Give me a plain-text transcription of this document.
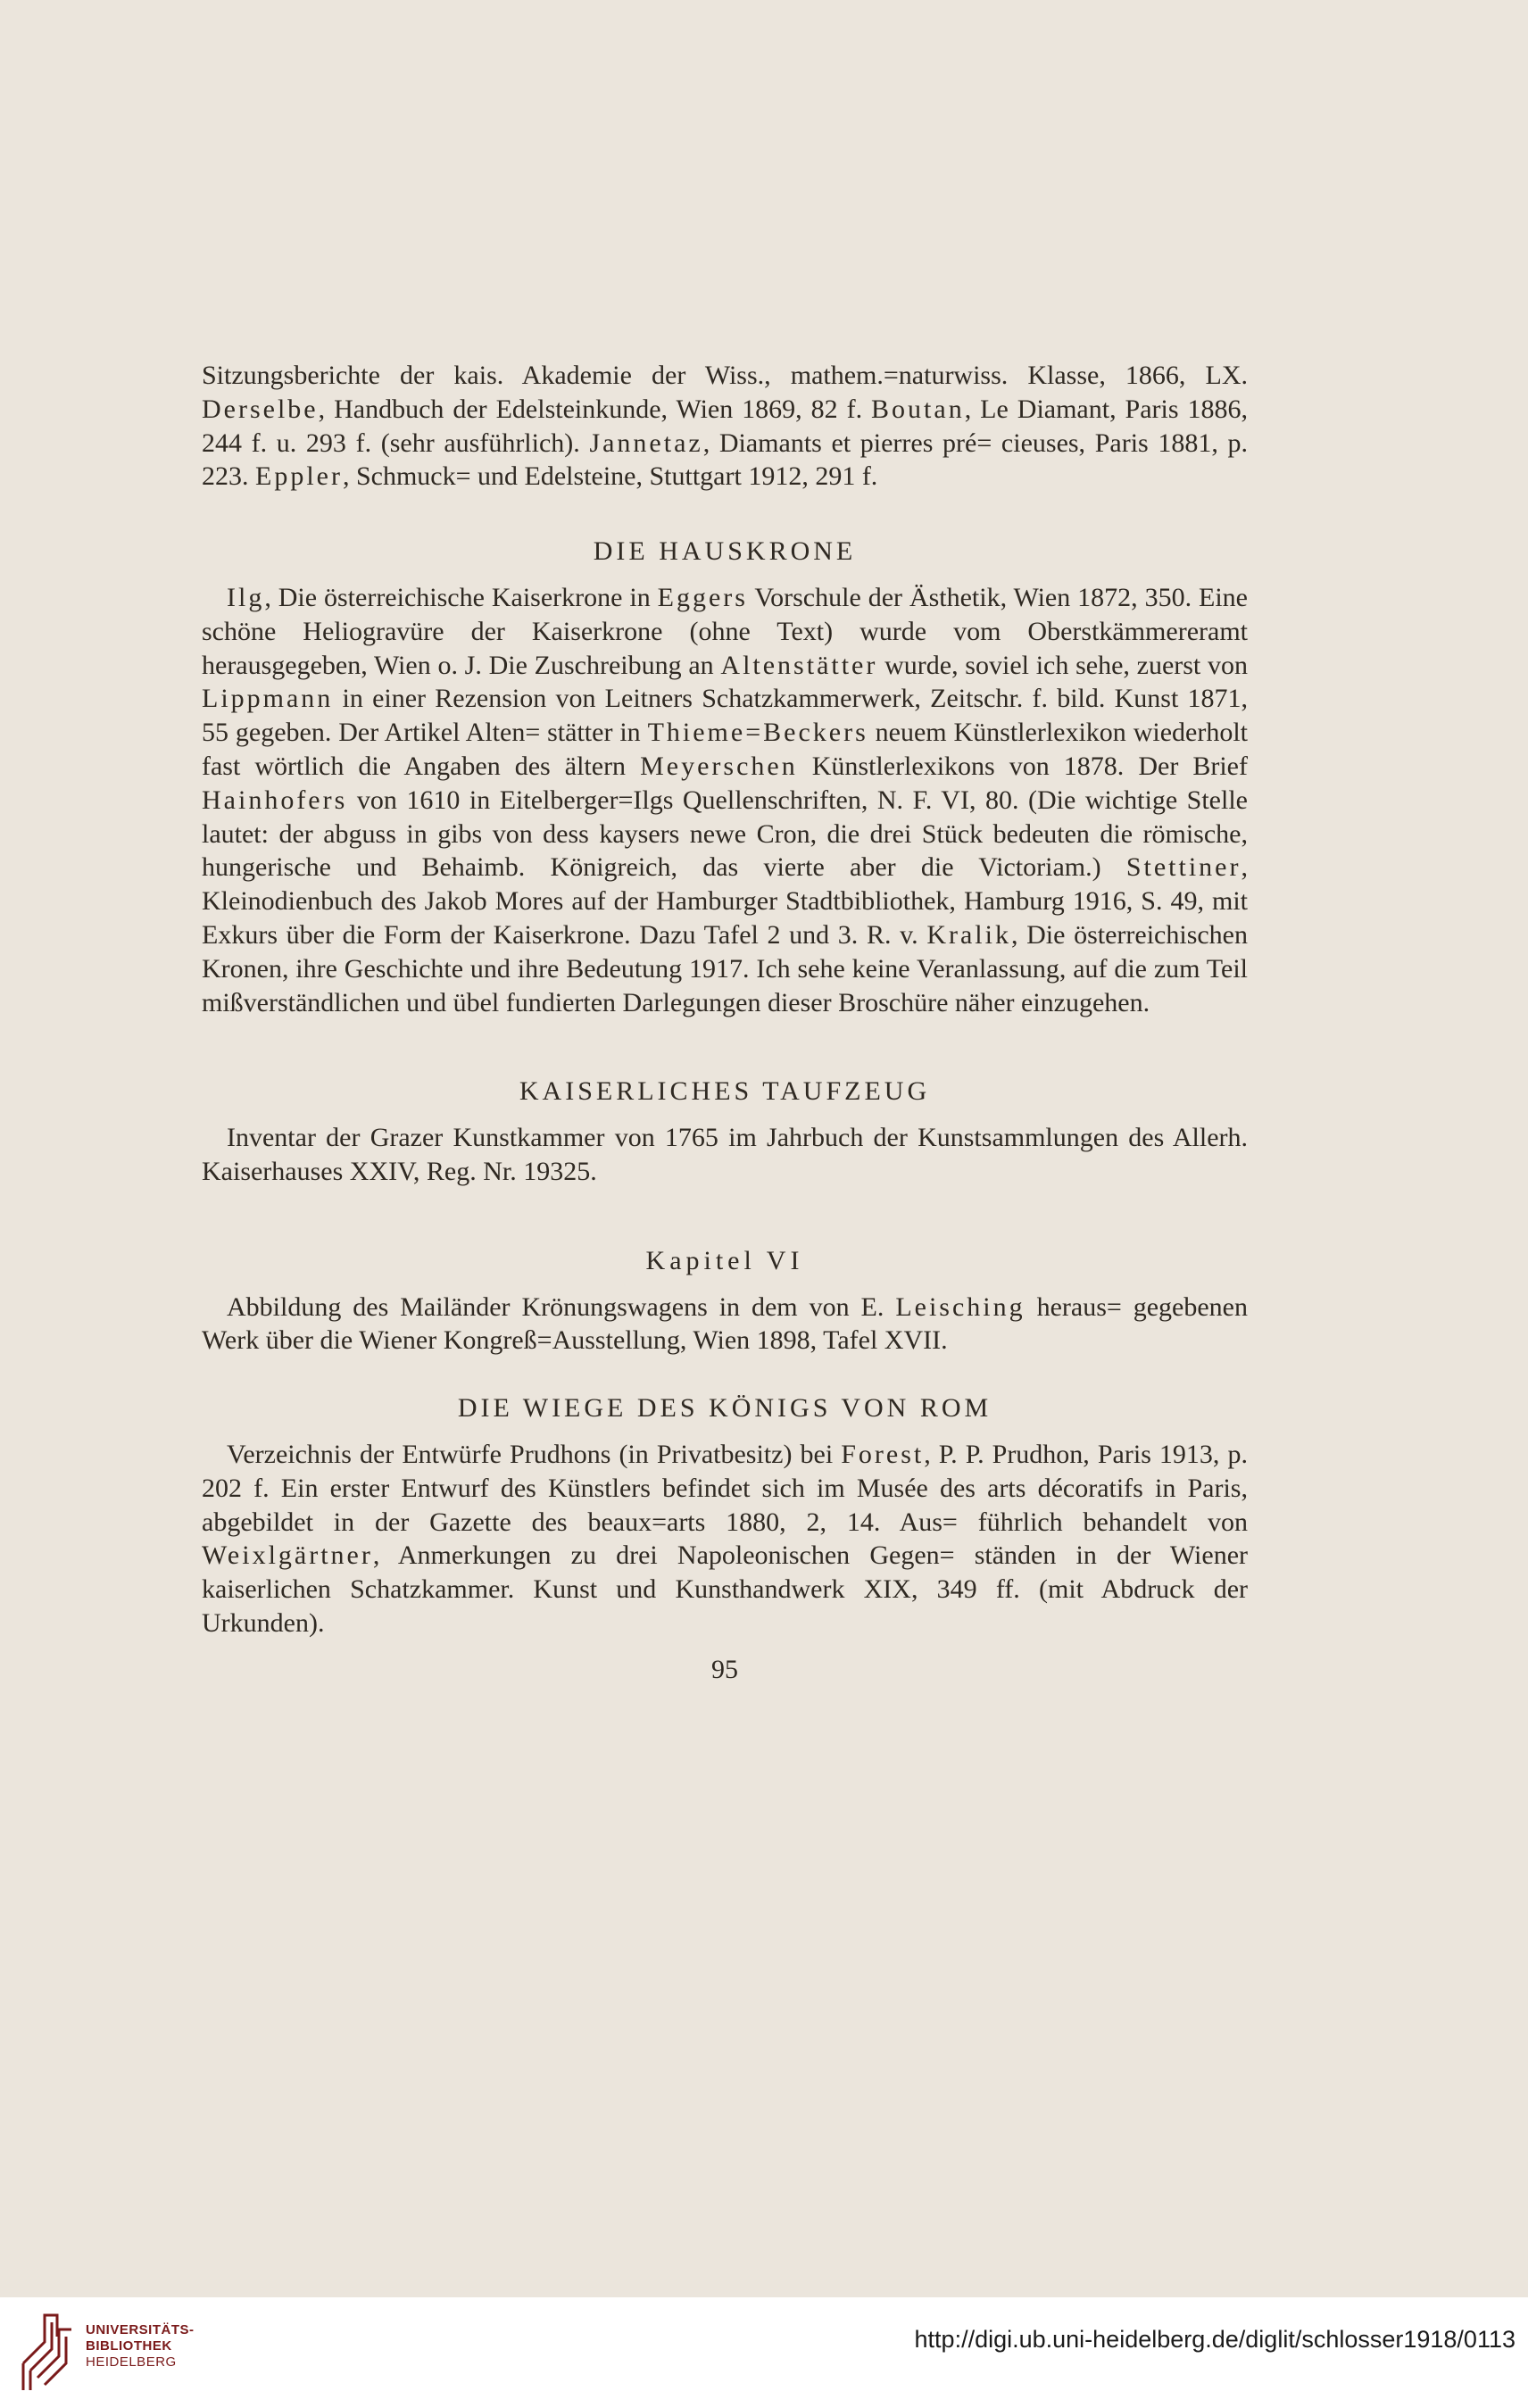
Sitzungsberichte der kais. Akademie der Wiss., mathem.=naturwiss. Klasse, 1866, LX. Derselbe, Handbuch der Edelsteinkunde, Wien 1869, 82 f. Boutan, Le Diamant, Paris 1886, 244 f. u. 293 f. (sehr ausführlich). Jannetaz, Diamants et pierres pré= cieuses, Paris 1881, p. 223. Eppler, Schmuck= und Edelsteine, Stuttgart 1912, 291 f.

DIE HAUSKRONE

Ilg, Die österreichische Kaiserkrone in Eggers Vorschule der Ästhetik, Wien 1872, 350. Eine schöne Heliogravüre der Kaiserkrone (ohne Text) wurde vom Oberstkämmereramt herausgegeben, Wien o. J. Die Zuschreibung an Altenstätter wurde, soviel ich sehe, zuerst von Lippmann in einer Rezension von Leitners Schatzkammerwerk, Zeitschr. f. bild. Kunst 1871, 55 gegeben. Der Artikel Alten= stätter in Thieme=Beckers neuem Künstlerlexikon wiederholt fast wörtlich die Angaben des ältern Meyerschen Künstlerlexikons von 1878. Der Brief Hainhofers von 1610 in Eitelberger=Ilgs Quellenschriften, N. F. VI, 80. (Die wichtige Stelle lautet: der abguss in gibs von dess kaysers newe Cron, die drei Stück bedeuten die römische, hungerische und Behaimb. Königreich, das vierte aber die Victoriam.) Stettiner, Kleinodienbuch des Jakob Mores auf der Hamburger Stadtbibliothek, Hamburg 1916, S. 49, mit Exkurs über die Form der Kaiserkrone. Dazu Tafel 2 und 3. R. v. Kralik, Die österreichischen Kronen, ihre Geschichte und ihre Bedeutung 1917. Ich sehe keine Veranlassung, auf die zum Teil mißverständlichen und übel fundierten Darlegungen dieser Broschüre näher einzugehen.

KAISERLICHES TAUFZEUG

Inventar der Grazer Kunstkammer von 1765 im Jahrbuch der Kunstsammlungen des Allerh. Kaiserhauses XXIV, Reg. Nr. 19325.

Kapitel VI

Abbildung des Mailänder Krönungswagens in dem von E. Leisching heraus= gegebenen Werk über die Wiener Kongreß=Ausstellung, Wien 1898, Tafel XVII.

DIE WIEGE DES KÖNIGS VON ROM

Verzeichnis der Entwürfe Prudhons (in Privatbesitz) bei Forest, P. P. Prudhon, Paris 1913, p. 202 f. Ein erster Entwurf des Künstlers befindet sich im Musée des arts décoratifs in Paris, abgebildet in der Gazette des beaux=arts 1880, 2, 14. Aus= führlich behandelt von Weixlgärtner, Anmerkungen zu drei Napoleonischen Gegen= ständen in der Wiener kaiserlichen Schatzkammer. Kunst und Kunsthandwerk XIX, 349 ff. (mit Abdruck der Urkunden).

95

UNIVERSITÄTS-
BIBLIOTHEK
HEIDELBERG
http://digi.ub.uni-heidelberg.de/diglit/schlosser1918/0113
